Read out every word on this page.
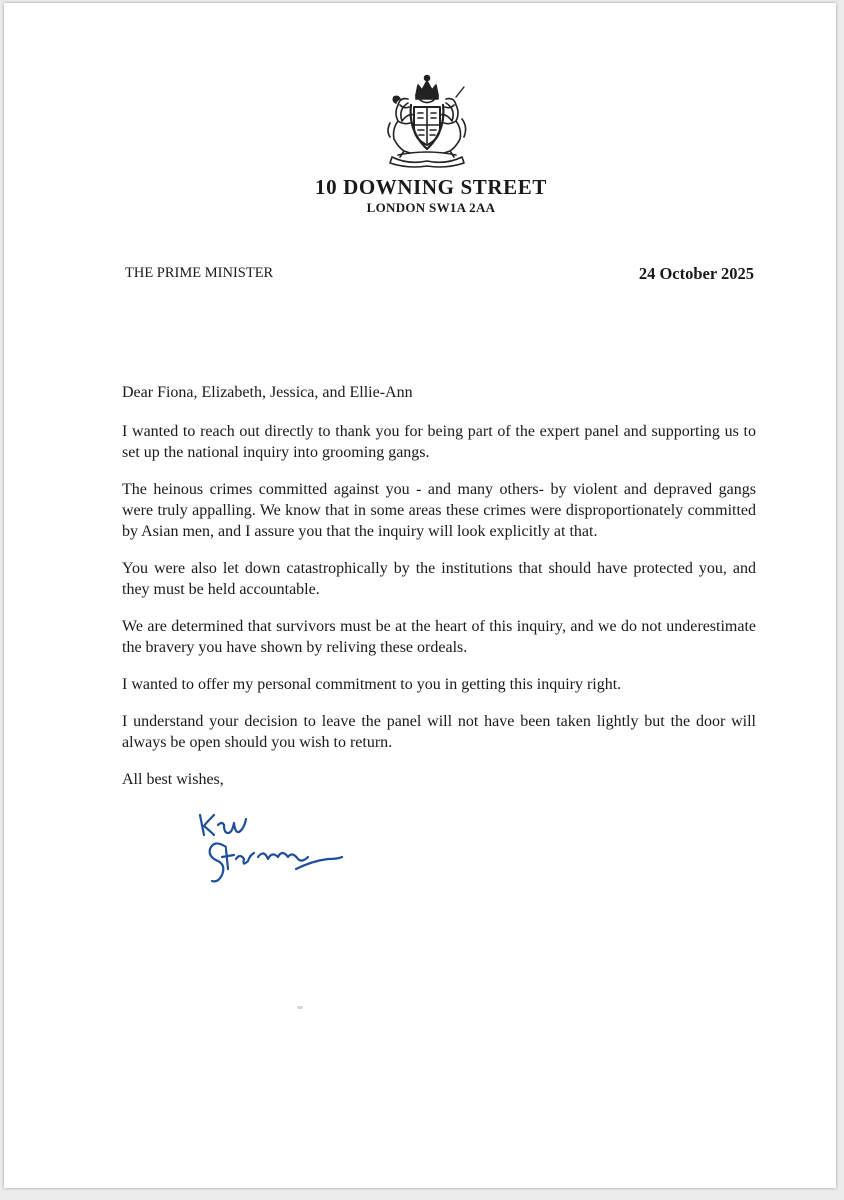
10 DOWNING STREET
LONDON SW1A 2AA
THE PRIME MINISTER	24 October 2025

Dear Fiona, Elizabeth, Jessica, and Ellie-Ann

I wanted to reach out directly to thank you for being part of the expert panel and supporting us to set up the national inquiry into grooming gangs.

The heinous crimes committed against you - and many others- by violent and depraved gangs were truly appalling. We know that in some areas these crimes were disproportionately committed by Asian men, and I assure you that the inquiry will look explicitly at that.

You were also let down catastrophically by the institutions that should have protected you, and they must be held accountable.

We are determined that survivors must be at the heart of this inquiry, and we do not underestimate the bravery you have shown by reliving these ordeals.

I wanted to offer my personal commitment to you in getting this inquiry right.

I understand your decision to leave the panel will not have been taken lightly but the door will always be open should you wish to return.

All best wishes,
